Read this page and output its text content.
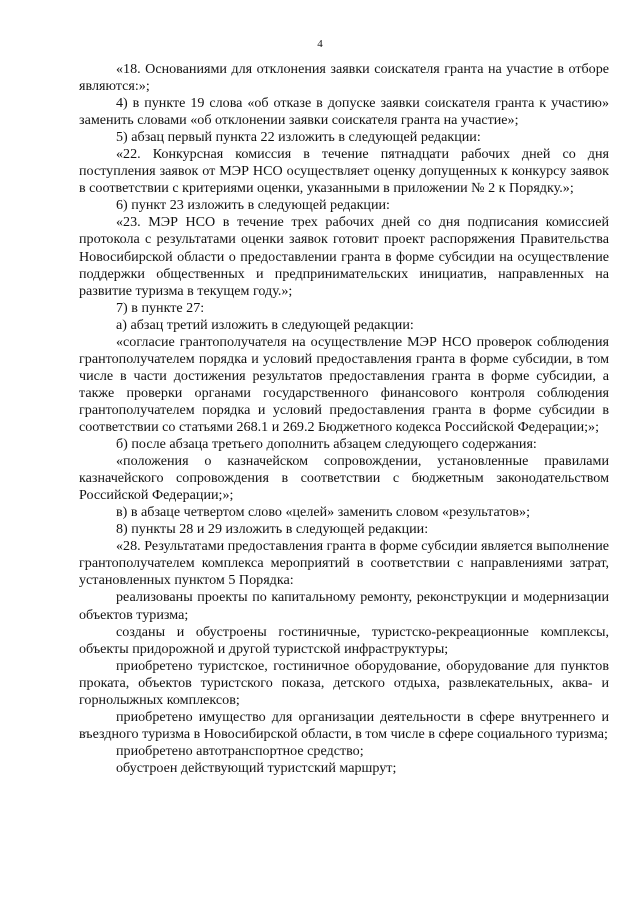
4

«18. Основаниями для отклонения заявки соискателя гранта на участие в отборе являются:»;

4) в пункте 19 слова «об отказе в допуске заявки соискателя гранта к участию» заменить словами «об отклонении заявки соискателя гранта на участие»;

5) абзац первый пункта 22 изложить в следующей редакции:

«22. Конкурсная комиссия в течение пятнадцати рабочих дней со дня поступления заявок от МЭР НСО осуществляет оценку допущенных к конкурсу заявок в соответствии с критериями оценки, указанными в приложении № 2 к Порядку.»;

6) пункт 23 изложить в следующей редакции:

«23. МЭР НСО в течение трех рабочих дней со дня подписания комиссией протокола с результатами оценки заявок готовит проект распоряжения Правительства Новосибирской области о предоставлении гранта в форме субсидии на осуществление поддержки общественных и предпринимательских инициатив, направленных на развитие туризма в текущем году.»;

7) в пункте 27:

а) абзац третий изложить в следующей редакции:

«согласие грантополучателя на осуществление МЭР НСО проверок соблюдения грантополучателем порядка и условий предоставления гранта в форме субсидии, в том числе в части достижения результатов предоставления гранта в форме субсидии, а также проверки органами государственного финансового контроля соблюдения грантополучателем порядка и условий предоставления гранта в форме субсидии в соответствии со статьями 268.1 и 269.2 Бюджетного кодекса Российской Федерации;»;

б) после абзаца третьего дополнить абзацем следующего содержания:

«положения о казначейском сопровождении, установленные правилами казначейского сопровождения в соответствии с бюджетным законодательством Российской Федерации;»;

в) в абзаце четвертом слово «целей» заменить словом «результатов»;

8) пункты 28 и 29 изложить в следующей редакции:

«28. Результатами предоставления гранта в форме субсидии является выполнение грантополучателем комплекса мероприятий в соответствии с направлениями затрат, установленных пунктом 5 Порядка:

реализованы проекты по капитальному ремонту, реконструкции и модернизации объектов туризма;

созданы и обустроены гостиничные, туристско-рекреационные комплексы, объекты придорожной и другой туристской инфраструктуры;

приобретено туристское, гостиничное оборудование, оборудование для пунктов проката, объектов туристского показа, детского отдыха, развлекательных, аква- и горнолыжных комплексов;

приобретено имущество для организации деятельности в сфере внутреннего и въездного туризма в Новосибирской области, в том числе в сфере социального туризма;

приобретено автотранспортное средство;

обустроен действующий туристский маршрут;
